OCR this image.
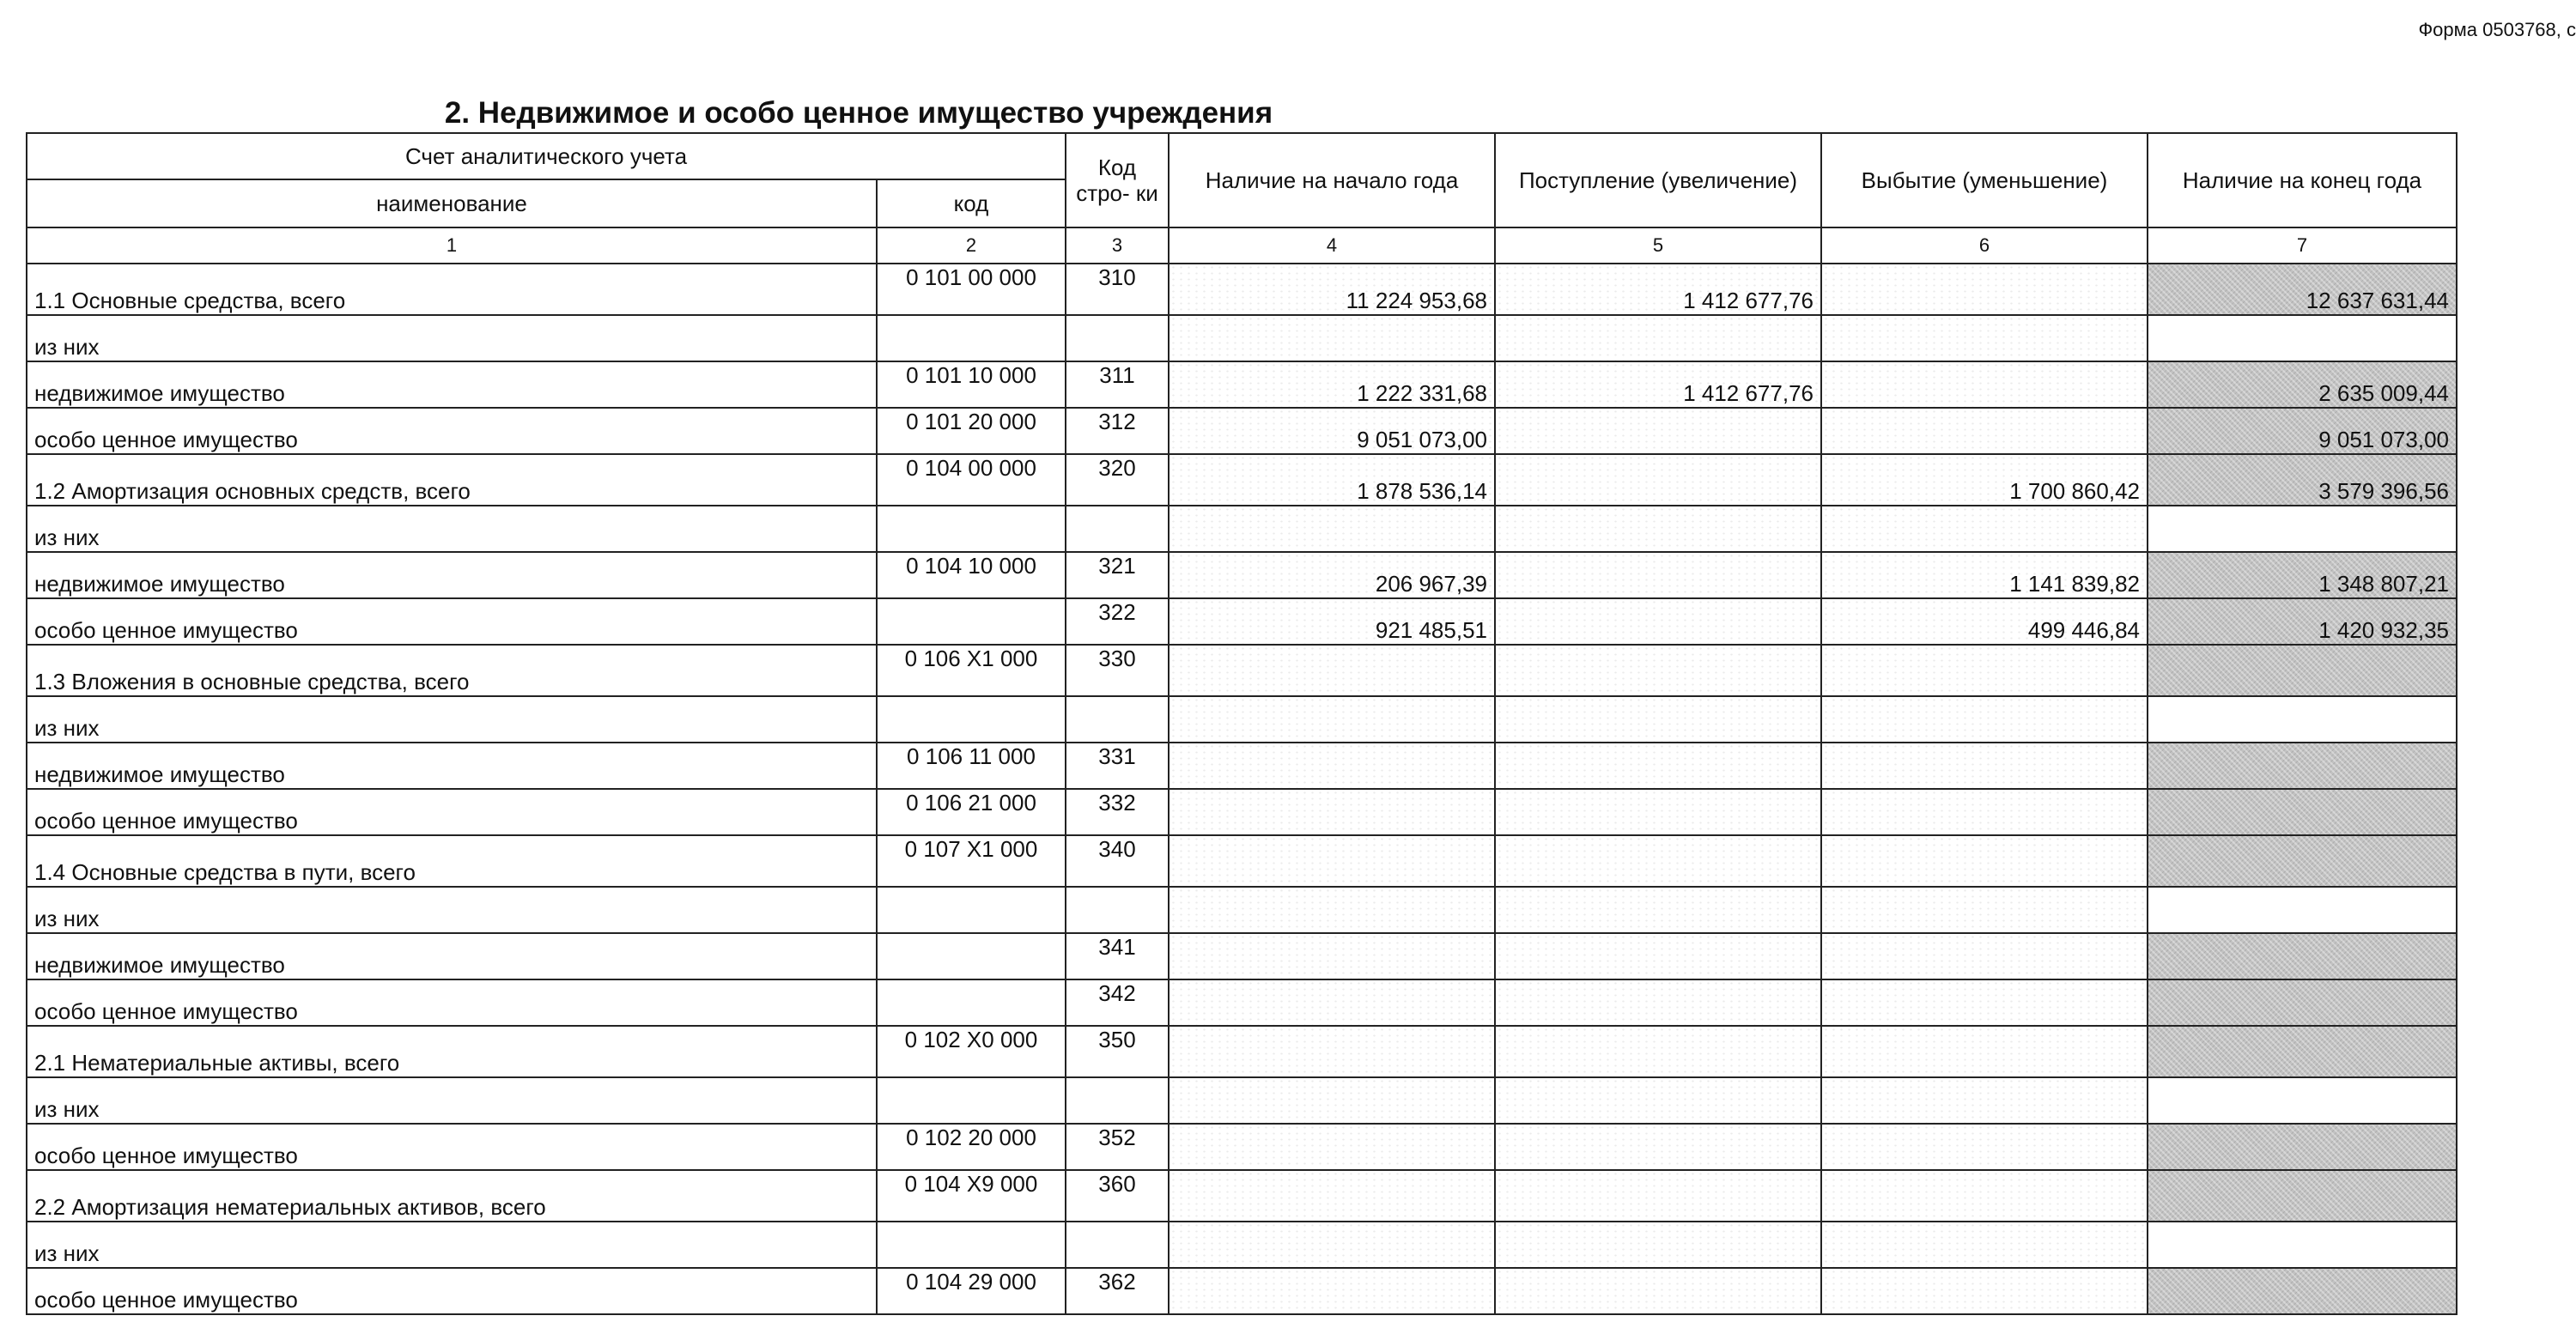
Форма 0503768, с
2. Недвижимое и особо ценное имущество учреждения
Счет аналитического учета		Код стро- ки	Наличие на начало года	Поступление (увеличение)	Выбытие (уменьшение)	Наличие на конец года
наименование	код					
1	2	3	4	5	6	7
1.1 Основные средства, всего	0 101 00 000	310	11 224 953,68	1 412 677,76		12 637 631,44
из них						
недвижимое имущество	0 101 10 000	311	1 222 331,68	1 412 677,76		2 635 009,44
особо ценное имущество	0 101 20 000	312	9 051 073,00			9 051 073,00
1.2 Амортизация основных средств, всего	0 104 00 000	320	1 878 536,14		1 700 860,42	3 579 396,56
из них						
недвижимое имущество	0 104 10 000	321	206 967,39		1 141 839,82	1 348 807,21
особо ценное имущество		322	921 485,51		499 446,84	1 420 932,35
1.3 Вложения в основные средства, всего	0 106 X1 000	330				
из них						
недвижимое имущество	0 106 11 000	331				
особо ценное имущество	0 106 21 000	332				
1.4 Основные средства в пути, всего	0 107 X1 000	340				
из них						
недвижимое имущество		341				
особо ценное имущество		342				
2.1 Нематериальные активы, всего	0 102 X0 000	350				
из них						
особо ценное имущество	0 102 20 000	352				
2.2 Амортизация нематериальных активов, всего	0 104 X9 000	360				
из них						
особо ценное имущество	0 104 29 000	362				
